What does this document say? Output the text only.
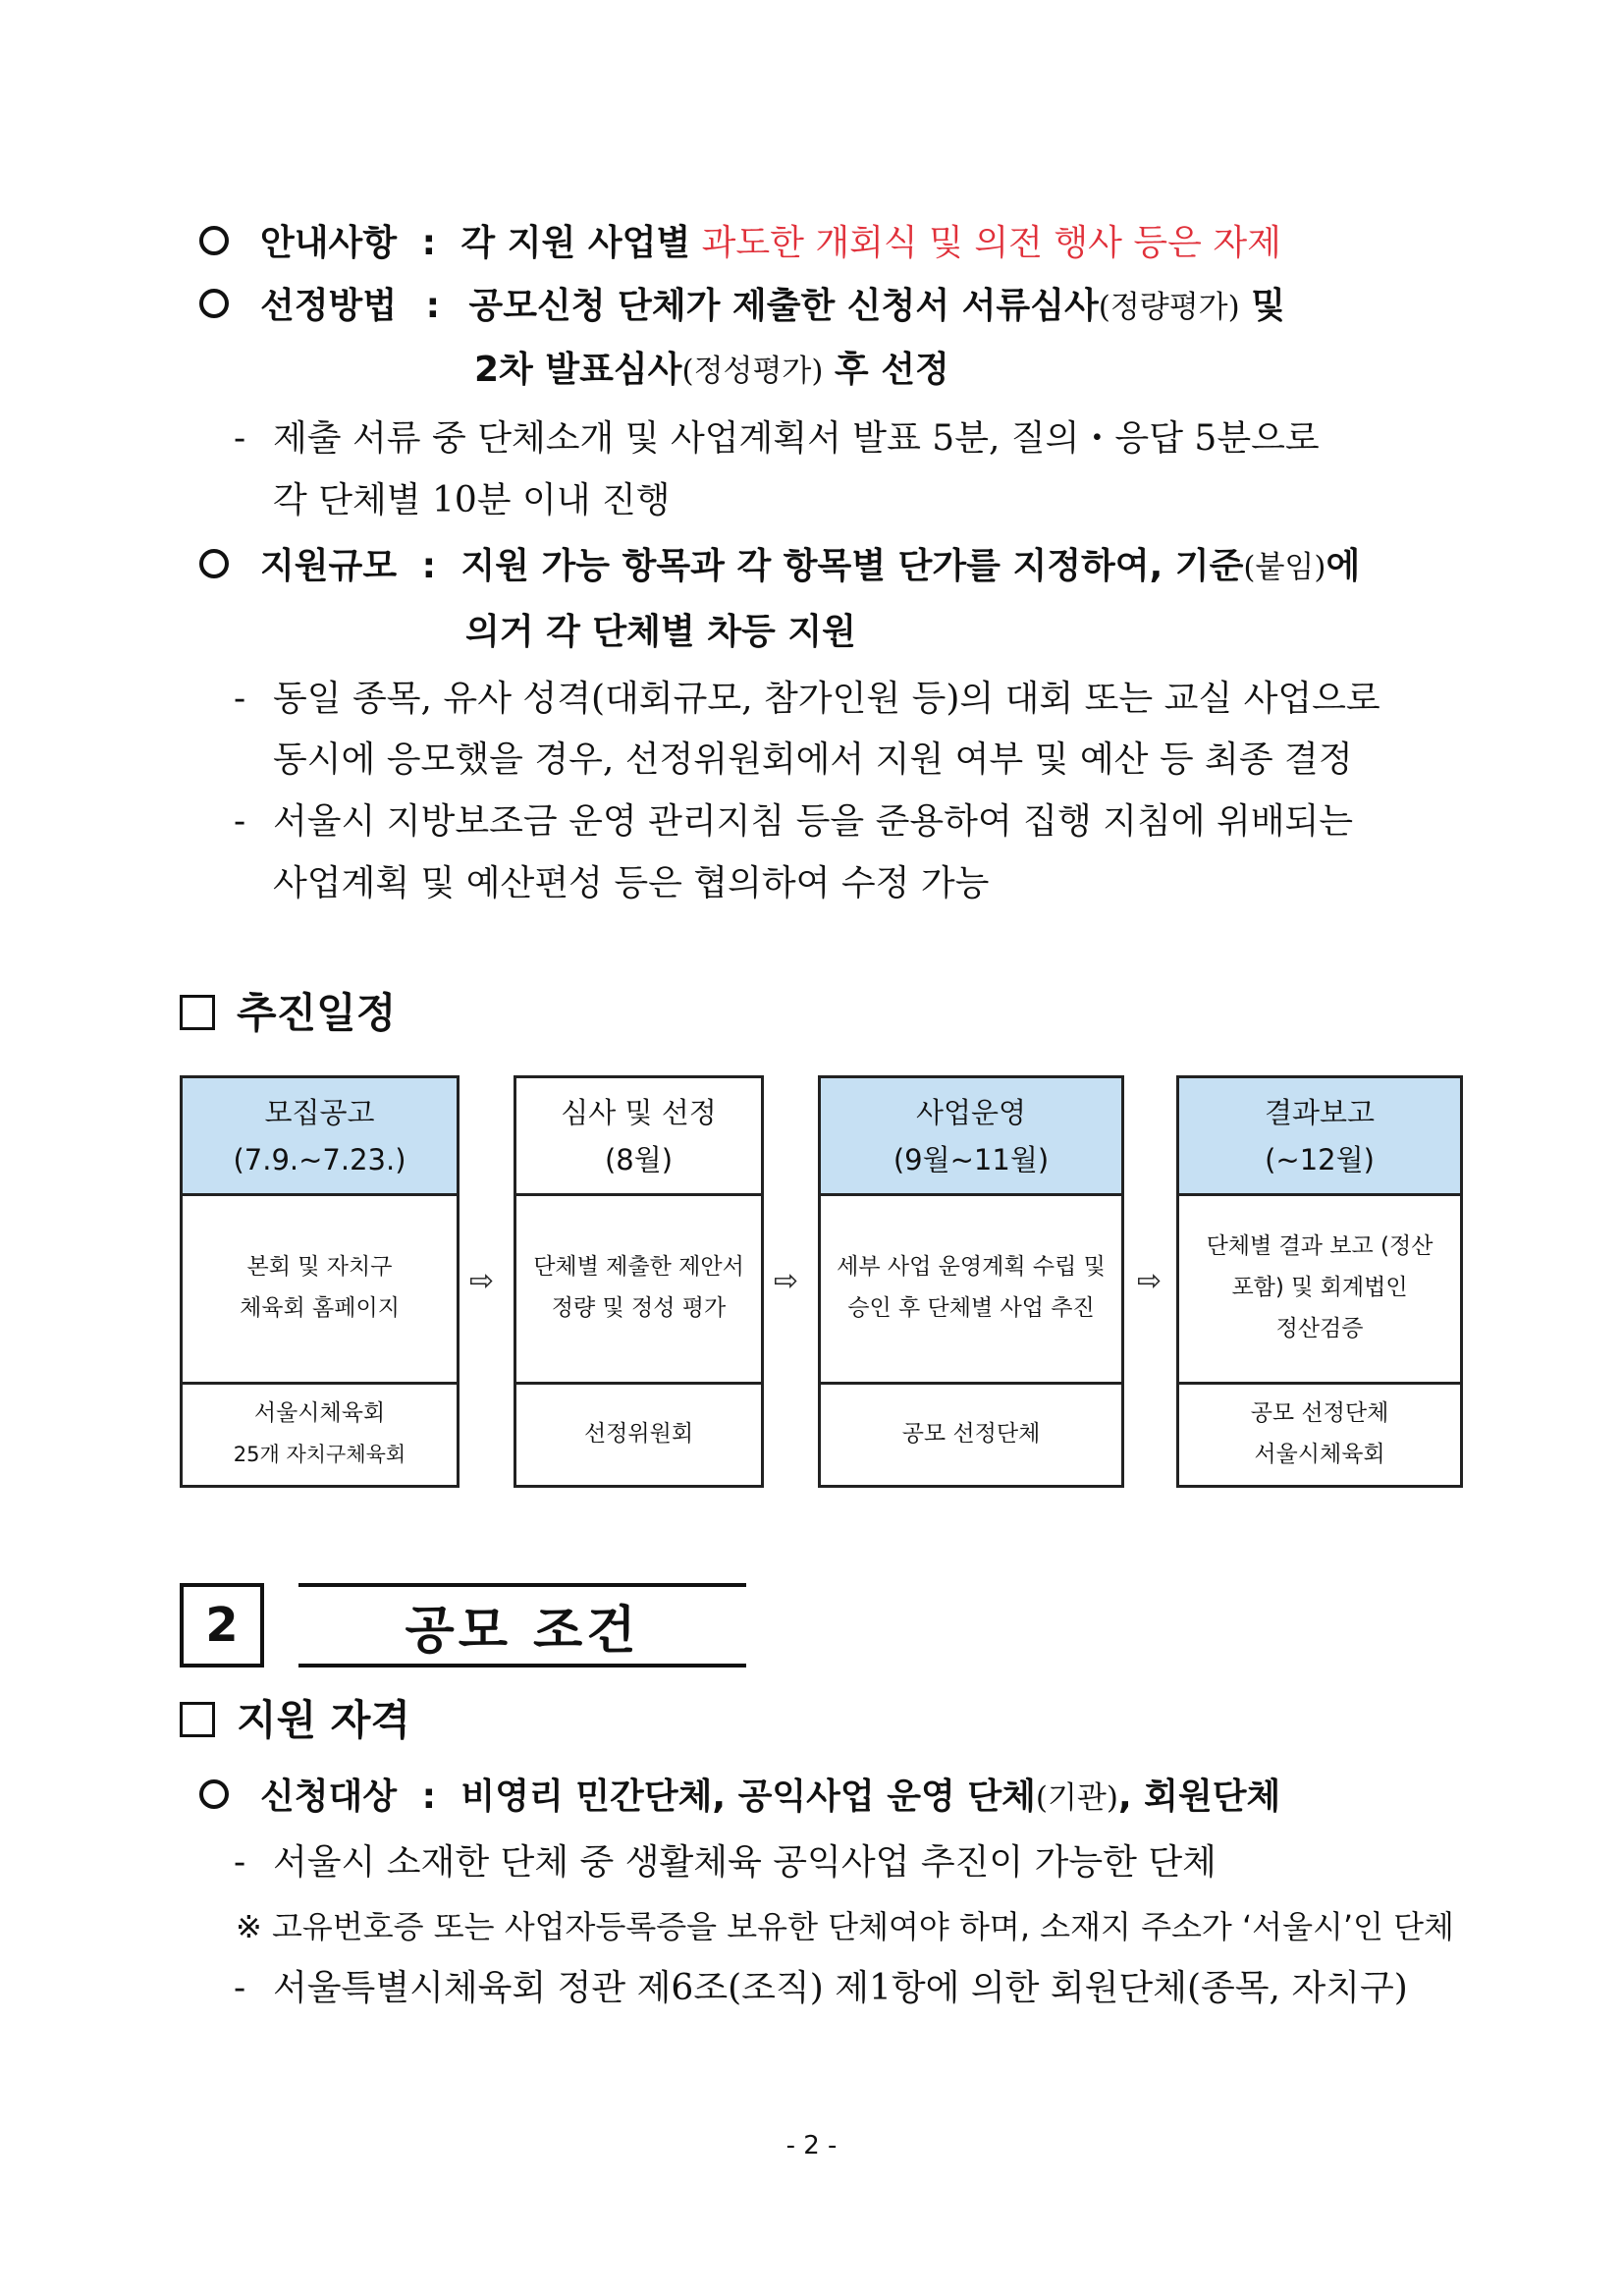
안내사항 : 각 지원 사업별 과도한 개회식 및 의전 행사 등은 자제
선정방법 : 공모신청 단체가 제출한 신청서 서류심사(정량평가) 및
2차 발표심사(정성평가) 후 선정
- 제출 서류 중 단체소개 및 사업계획서 발표 5분, 질의・응답 5분으로
각 단체별 10분 이내 진행
지원규모 : 지원 가능 항목과 각 항목별 단가를 지정하여, 기준(붙임)에
의거 각 단체별 차등 지원
- 동일 종목, 유사 성격(대회규모, 참가인원 등)의 대회 또는 교실 사업으로
동시에 응모했을 경우, 선정위원회에서 지원 여부 및 예산 등 최종 결정
- 서울시 지방보조금 운영 관리지침 등을 준용하여 집행 지침에 위배되는
사업계획 및 예산편성 등은 협의하여 수정 가능
추진일정
모집공고
(7.9.~7.23.)
본회 및 자치구
체육회 홈페이지
서울시체육회
25개 자치구체육회
⇨
심사 및 선정
(8월)
단체별 제출한 제안서
정량 및 정성 평가
선정위원회
⇨
사업운영
(9월~11월)
세부 사업 운영계획 수립 및
승인 후 단체별 사업 추진
공모 선정단체
⇨
결과보고
(~12월)
단체별 결과 보고 (정산
포함) 및 회계법인
정산검증
공모 선정단체
서울시체육회
2	공모 조건
지원 자격
신청대상 : 비영리 민간단체, 공익사업 운영 단체(기관), 회원단체
- 서울시 소재한 단체 중 생활체육 공익사업 추진이 가능한 단체
※ 고유번호증 또는 사업자등록증을 보유한 단체여야 하며, 소재지 주소가 ‘서울시’인 단체
- 서울특별시체육회 정관 제6조(조직) 제1항에 의한 회원단체(종목, 자치구)
- 2 -
